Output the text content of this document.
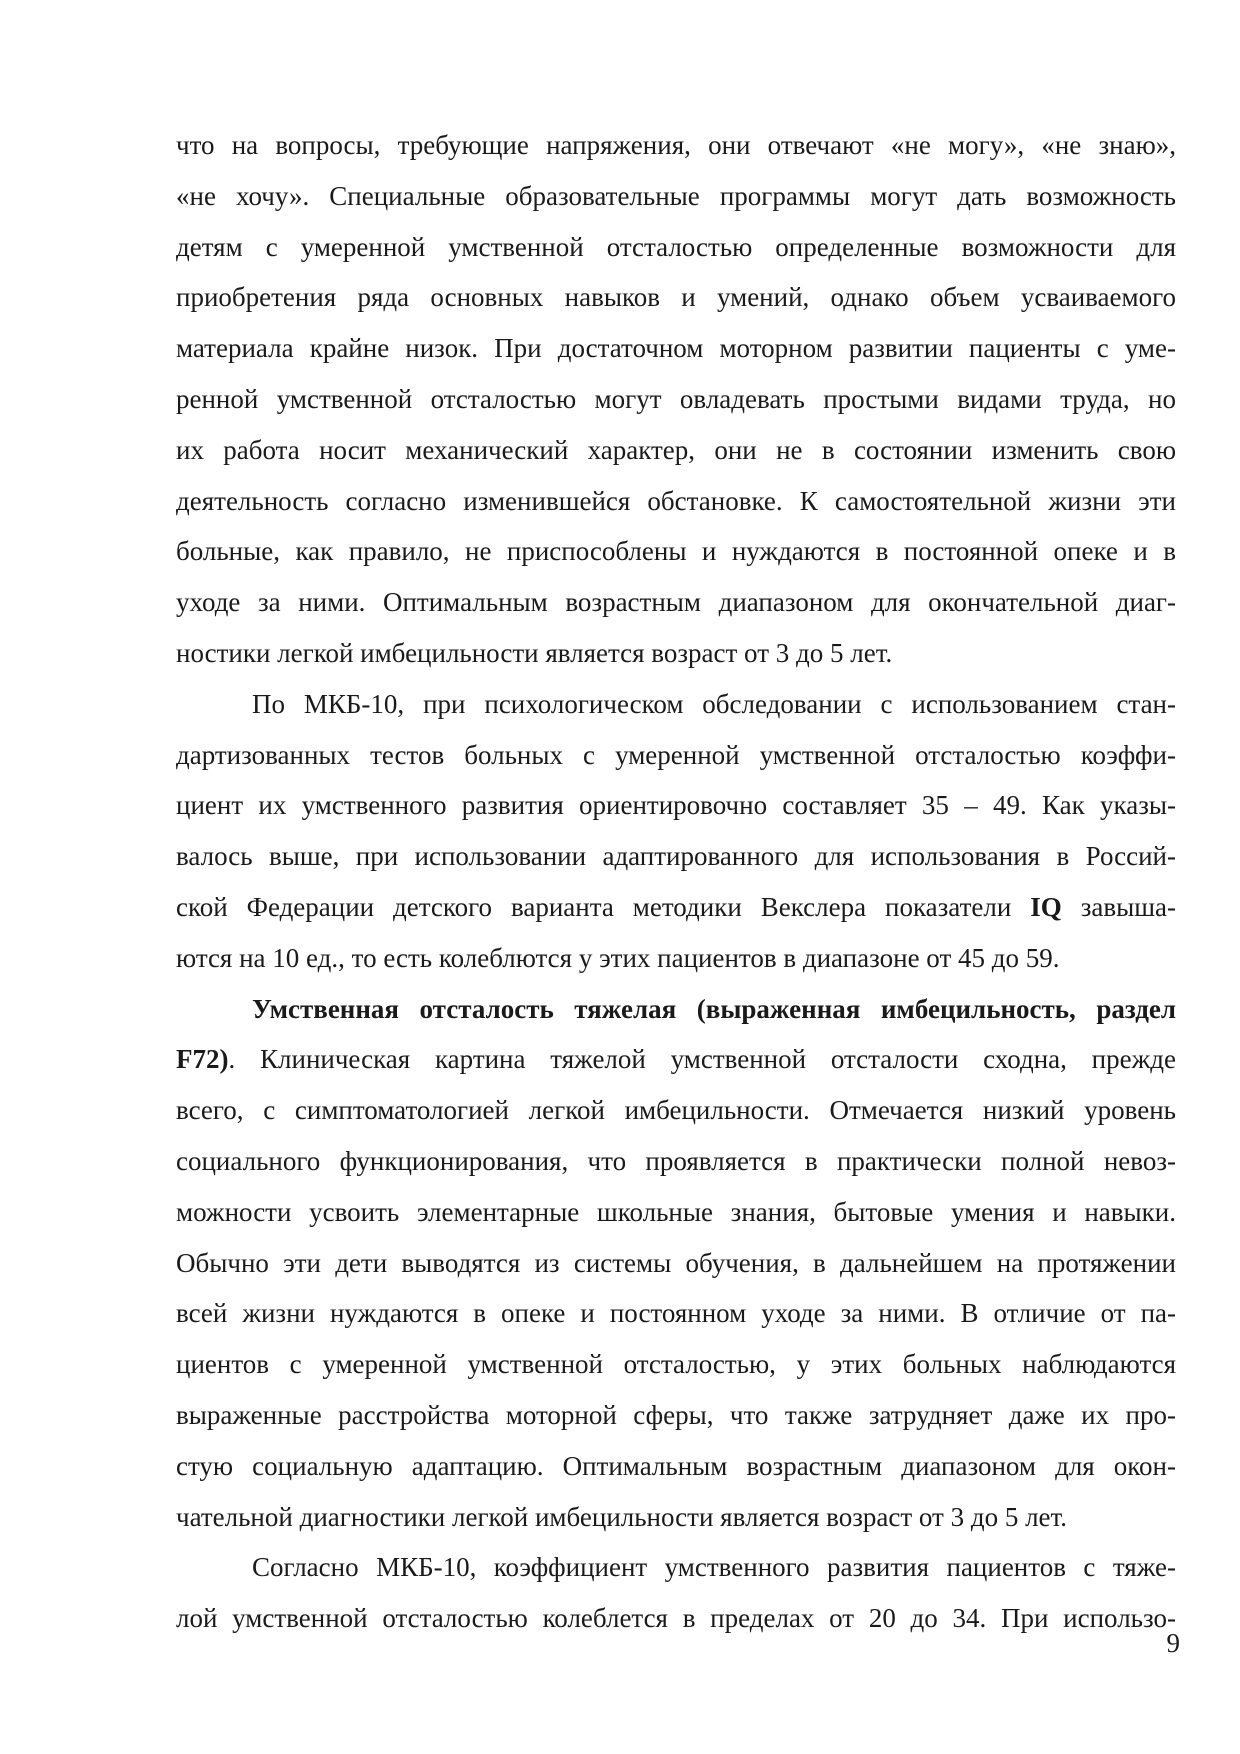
что на вопросы, требующие напряжения, они отвечают «не могу», «не знаю»,
«не хочу». Специальные образовательные программы могут дать возможность
детям с умеренной умственной отсталостью определенные возможности для
приобретения ряда основных навыков и умений, однако объем усваиваемого
материала крайне низок. При достаточном моторном развитии пациенты с уме-
ренной умственной отсталостью могут овладевать простыми видами труда, но
их работа носит механический характер, они не в состоянии изменить свою
деятельность согласно изменившейся обстановке. К самостоятельной жизни эти
больные, как правило, не приспособлены и нуждаются в постоянной опеке и в
уходе за ними. Оптимальным возрастным диапазоном для окончательной диаг-
ностики легкой имбецильности является возраст от 3 до 5 лет.
По МКБ-10, при психологическом обследовании с использованием стан-
дартизованных тестов больных с умеренной умственной отсталостью коэффи-
циент их умственного развития ориентировочно составляет 35 – 49. Как указы-
валось выше, при использовании адаптированного для использования в Россий-
ской Федерации детского варианта методики Векслера показатели IQ завыша-
ются на 10 ед., то есть колеблются у этих пациентов в диапазоне от 45 до 59.
Умственная отсталость тяжелая (выраженная имбецильность, раздел
F72). Клиническая картина тяжелой умственной отсталости сходна, прежде
всего, с симптоматологией легкой имбецильности. Отмечается низкий уровень
социального функционирования, что проявляется в практически полной невоз-
можности усвоить элементарные школьные знания, бытовые умения и навыки.
Обычно эти дети выводятся из системы обучения, в дальнейшем на протяжении
всей жизни нуждаются в опеке и постоянном уходе за ними. В отличие от па-
циентов с умеренной умственной отсталостью, у этих больных наблюдаются
выраженные расстройства моторной сферы, что также затрудняет даже их про-
стую социальную адаптацию. Оптимальным возрастным диапазоном для окон-
чательной диагностики легкой имбецильности является возраст от 3 до 5 лет.
Согласно МКБ-10, коэффициент умственного развития пациентов с тяже-
лой умственной отсталостью колеблется в пределах от 20 до 34. При использо-
9
